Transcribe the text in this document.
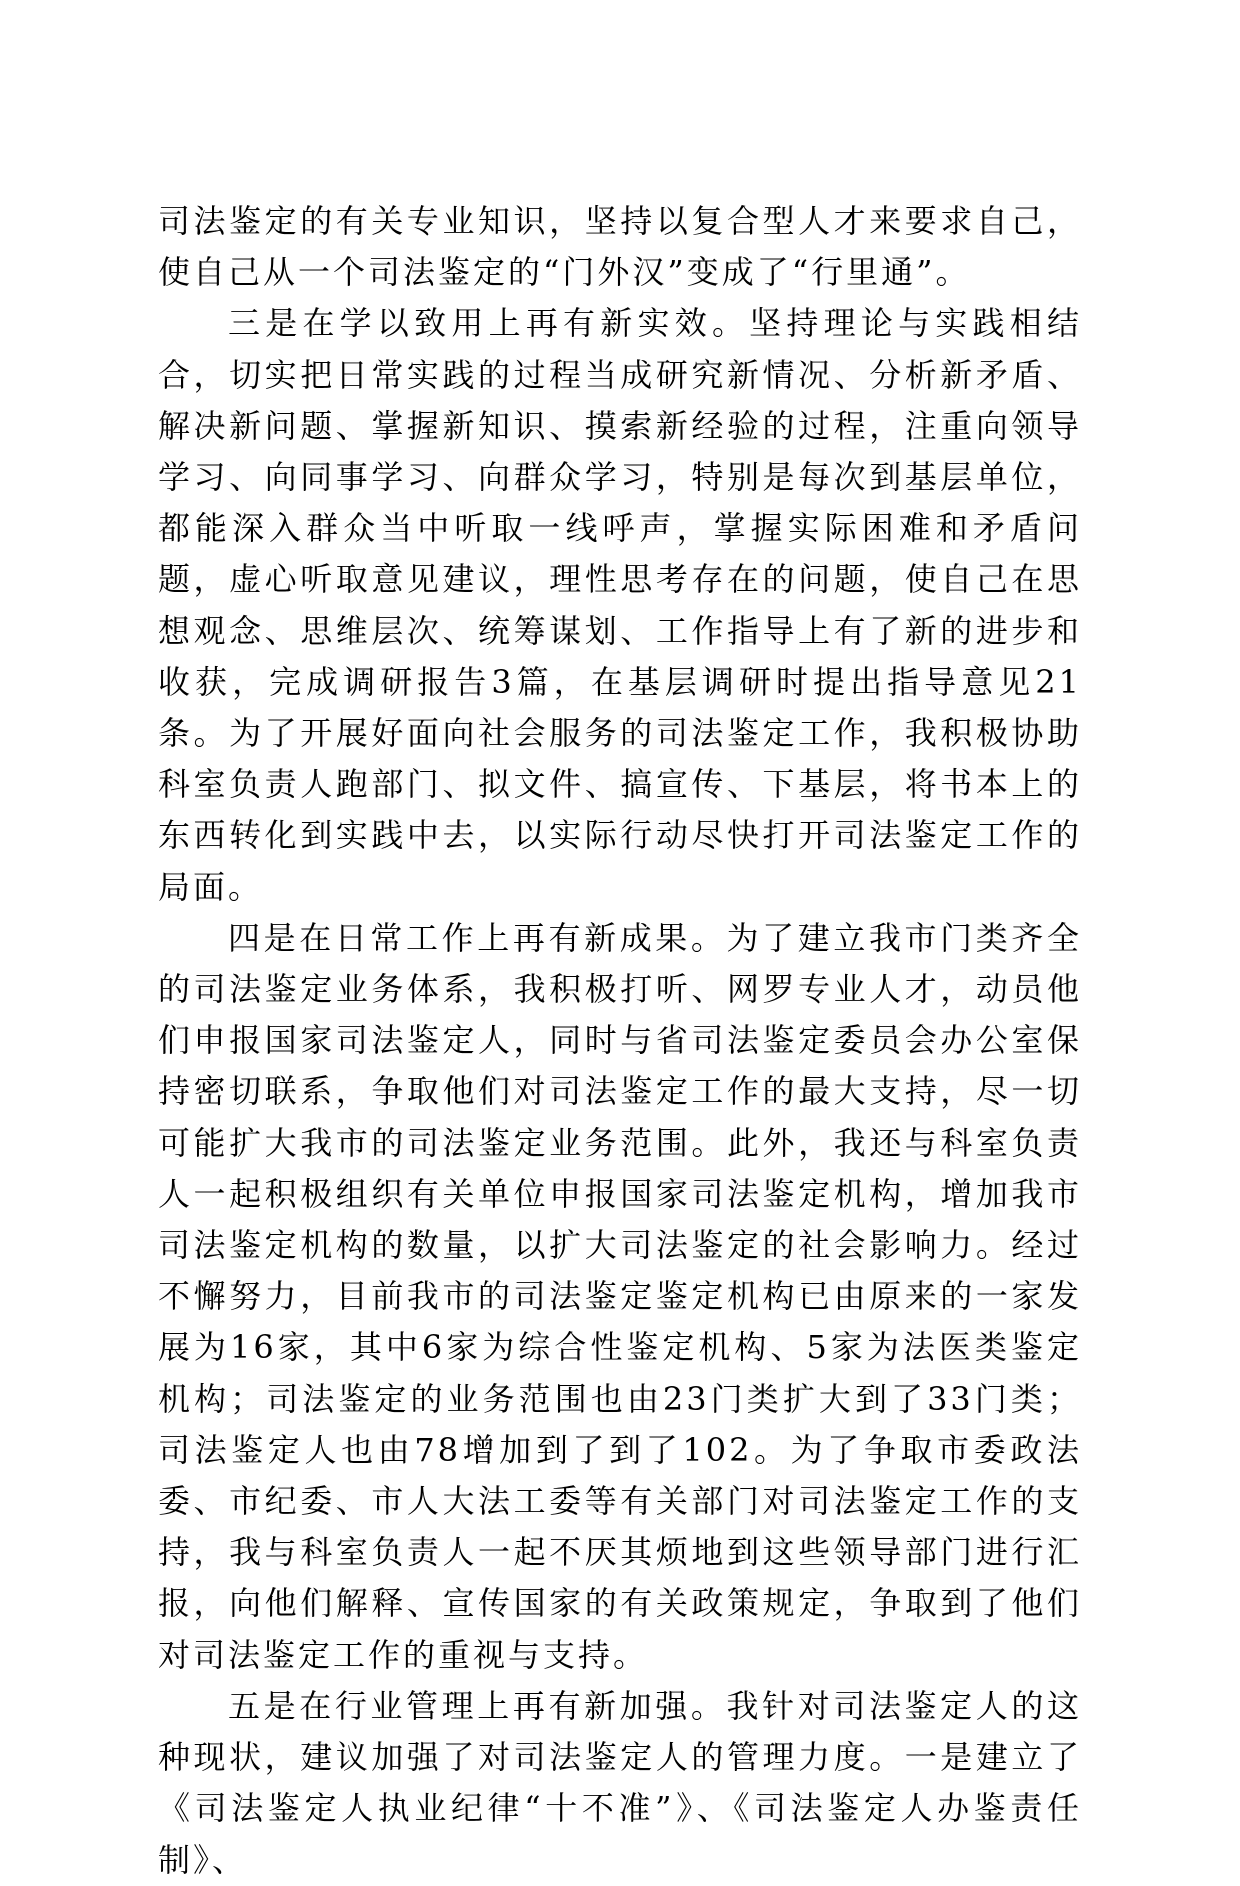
司法鉴定的有关专业知识，坚持以复合型人才来要求自己，使自己从一个司法鉴定的“门外汉”变成了“行里通”。

三是在学以致用上再有新实效。坚持理论与实践相结合，切实把日常实践的过程当成研究新情况、分析新矛盾、解决新问题、掌握新知识、摸索新经验的过程，注重向领导学习、向同事学习、向群众学习，特别是每次到基层单位，都能深入群众当中听取一线呼声，掌握实际困难和矛盾问题，虚心听取意见建议，理性思考存在的问题，使自己在思想观念、思维层次、统筹谋划、工作指导上有了新的进步和收获，完成调研报告3篇，在基层调研时提出指导意见21条。为了开展好面向社会服务的司法鉴定工作，我积极协助科室负责人跑部门、拟文件、搞宣传、下基层，将书本上的东西转化到实践中去，以实际行动尽快打开司法鉴定工作的局面。

四是在日常工作上再有新成果。为了建立我市门类齐全的司法鉴定业务体系，我积极打听、网罗专业人才，动员他们申报国家司法鉴定人，同时与省司法鉴定委员会办公室保持密切联系，争取他们对司法鉴定工作的最大支持，尽一切可能扩大我市的司法鉴定业务范围。此外，我还与科室负责人一起积极组织有关单位申报国家司法鉴定机构，增加我市司法鉴定机构的数量，以扩大司法鉴定的社会影响力。经过不懈努力，目前我市的司法鉴定鉴定机构已由原来的一家发展为16家，其中6家为综合性鉴定机构、5家为法医类鉴定机构；司法鉴定的业务范围也由23门类扩大到了33门类；司法鉴定人也由78增加到了到了102。为了争取市委政法委、市纪委、市人大法工委等有关部门对司法鉴定工作的支持，我与科室负责人一起不厌其烦地到这些领导部门进行汇报，向他们解释、宣传国家的有关政策规定，争取到了他们对司法鉴定工作的重视与支持。

五是在行业管理上再有新加强。我针对司法鉴定人的这种现状，建议加强了对司法鉴定人的管理力度。一是建立了《司法鉴定人执业纪律“十不准”》、《司法鉴定人办鉴责任制》、
